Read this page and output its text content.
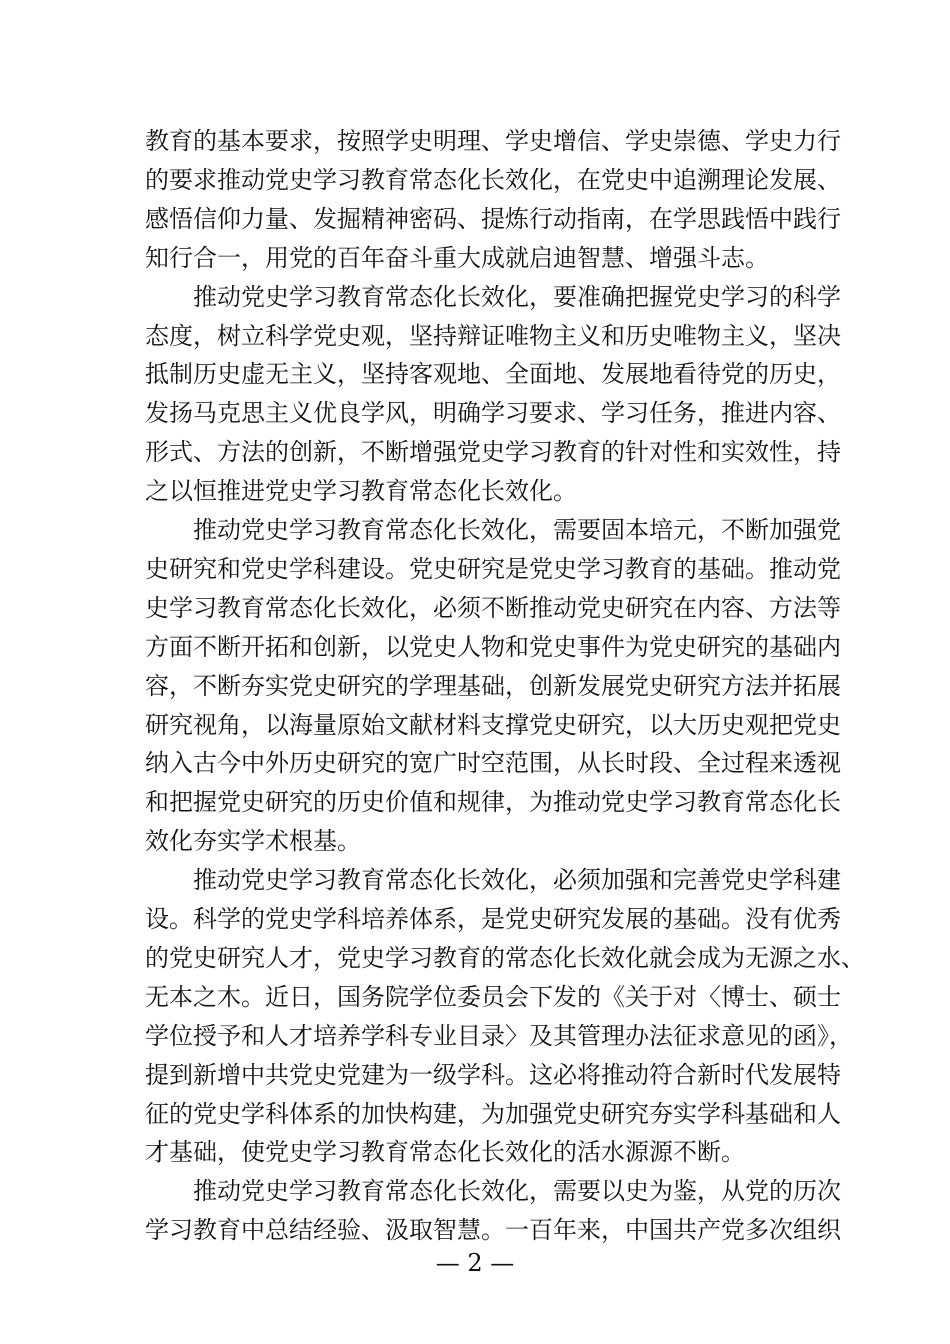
教育的基本要求，按照学史明理、学史增信、学史崇德、学史力行
的要求推动党史学习教育常态化长效化，在党史中追溯理论发展、
感悟信仰力量、发掘精神密码、提炼行动指南，在学思践悟中践行
知行合一，用党的百年奋斗重大成就启迪智慧、增强斗志。
推动党史学习教育常态化长效化，要准确把握党史学习的科学
态度，树立科学党史观，坚持辩证唯物主义和历史唯物主义，坚决
抵制历史虚无主义，坚持客观地、全面地、发展地看待党的历史，
发扬马克思主义优良学风，明确学习要求、学习任务，推进内容、
形式、方法的创新，不断增强党史学习教育的针对性和实效性，持
之以恒推进党史学习教育常态化长效化。
推动党史学习教育常态化长效化，需要固本培元，不断加强党
史研究和党史学科建设。党史研究是党史学习教育的基础。推动党
史学习教育常态化长效化，必须不断推动党史研究在内容、方法等
方面不断开拓和创新，以党史人物和党史事件为党史研究的基础内
容，不断夯实党史研究的学理基础，创新发展党史研究方法并拓展
研究视角，以海量原始文献材料支撑党史研究，以大历史观把党史
纳入古今中外历史研究的宽广时空范围，从长时段、全过程来透视
和把握党史研究的历史价值和规律，为推动党史学习教育常态化长
效化夯实学术根基。
推动党史学习教育常态化长效化，必须加强和完善党史学科建
设。科学的党史学科培养体系，是党史研究发展的基础。没有优秀
的党史研究人才，党史学习教育的常态化长效化就会成为无源之水、
无本之木。近日，国务院学位委员会下发的《关于对〈博士、硕士
学位授予和人才培养学科专业目录〉及其管理办法征求意见的函》，
提到新增中共党史党建为一级学科。这必将推动符合新时代发展特
征的党史学科体系的加快构建，为加强党史研究夯实学科基础和人
才基础，使党史学习教育常态化长效化的活水源源不断。
推动党史学习教育常态化长效化，需要以史为鉴，从党的历次
学习教育中总结经验、汲取智慧。一百年来，中国共产党多次组织
— 2 —
